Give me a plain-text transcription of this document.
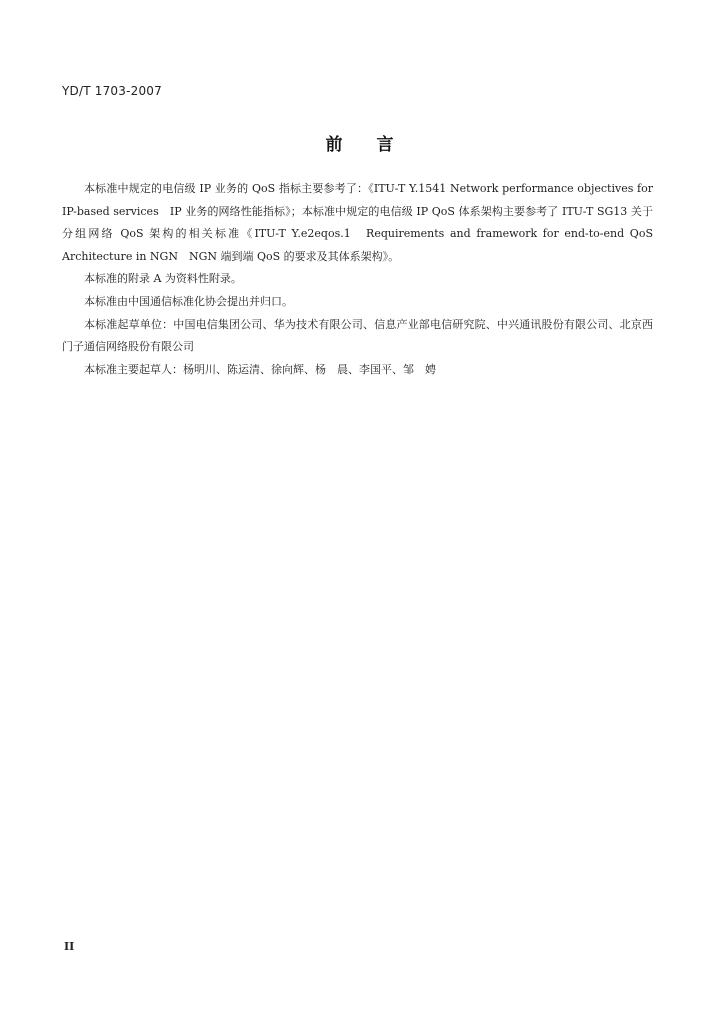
YD/T 1703-2007
前 言

本标准中规定的电信级 IP 业务的 QoS 指标主要参考了：《ITU-T Y.1541 Network performance objectives for IP-based services　IP 业务的网络性能指标》；本标准中规定的电信级 IP QoS 体系架构主要参考了 ITU-T SG13 关于分组网络 QoS 架构的相关标准《ITU-T Y.e2eqos.1　Requirements and framework for end-to-end QoS Architecture in NGN　NGN 端到端 QoS 的要求及其体系架构》。

本标准的附录 A 为资料性附录。

本标准由中国通信标准化协会提出并归口。

本标准起草单位：中国电信集团公司、华为技术有限公司、信息产业部电信研究院、中兴通讯股份有限公司、北京西门子通信网络股份有限公司

本标准主要起草人：杨明川、陈运清、徐向辉、杨　晨、李国平、邹　娉

II
